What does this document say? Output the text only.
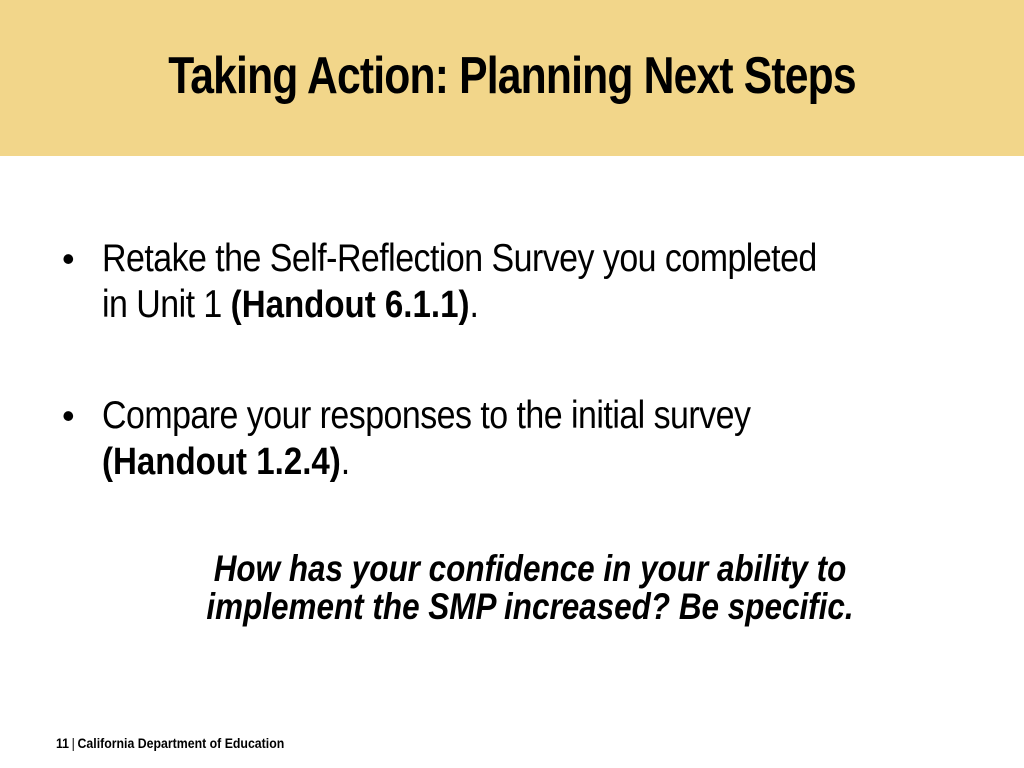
Taking Action: Planning Next Steps
• Retake the Self-Reflection Survey you completed
in Unit 1 (Handout 6.1.1).
• Compare your responses to the initial survey
(Handout 1.2.4).
How has your confidence in your ability to
implement the SMP increased? Be specific.
11 | California Department of Education
